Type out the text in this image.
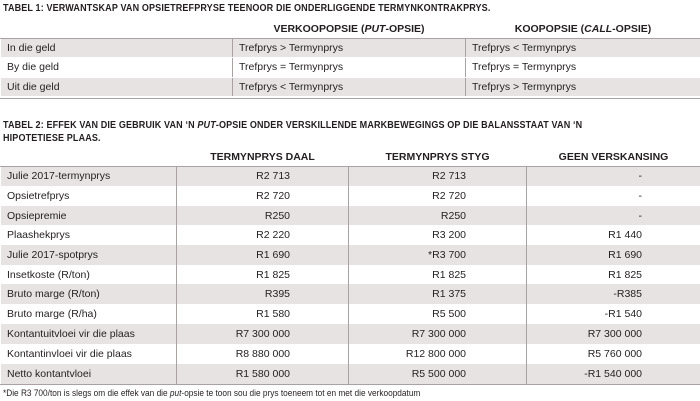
TABEL 1: VERWANTSKAP VAN OPSIETREFPRYSE TEENOOR DIE ONDERLIGGENDE TERMYNKONTRAKPRYS.
	VERKOOPOPSIE (PUT-OPSIE)	KOOPOPSIE (CALL-OPSIE)
In die geld	Trefprys > Termynprys	Trefprys < Termynprys
By die geld	Trefprys = Termynprys	Trefprys = Termynprys
Uit die geld	Trefprys < Termynprys	Trefprys > Termynprys
TABEL 2: EFFEK VAN DIE GEBRUIK VAN ‘N PUT-OPSIE ONDER VERSKILLENDE MARKBEWEGINGS OP DIE BALANSSTAAT VAN ‘N
HIPOTETIESE PLAAS.
	TERMYNPRYS DAAL	TERMYNPRYS STYG	GEEN VERSKANSING
Julie 2017-termynprys	R2 713	R2 713	-
Opsietrefprys	R2 720	R2 720	-
Opsiepremie	R250	R250	-
Plaashekprys	R2 220	R3 200	R1 440
Julie 2017-spotprys	R1 690	*R3 700	R1 690
Insetkoste (R/ton)	R1 825	R1 825	R1 825
Bruto marge (R/ton)	R395	R1 375	-R385
Bruto marge (R/ha)	R1 580	R5 500	-R1 540
Kontantuitvloei vir die plaas	R7 300 000	R7 300 000	R7 300 000
Kontantinvloei vir die plaas	R8 880 000	R12 800 000	R5 760 000
Netto kontantvloei	R1 580 000	R5 500 000	-R1 540 000
*Die R3 700/ton is slegs om die effek van die put-opsie te toon sou die prys toeneem tot en met die verkoopdatum
